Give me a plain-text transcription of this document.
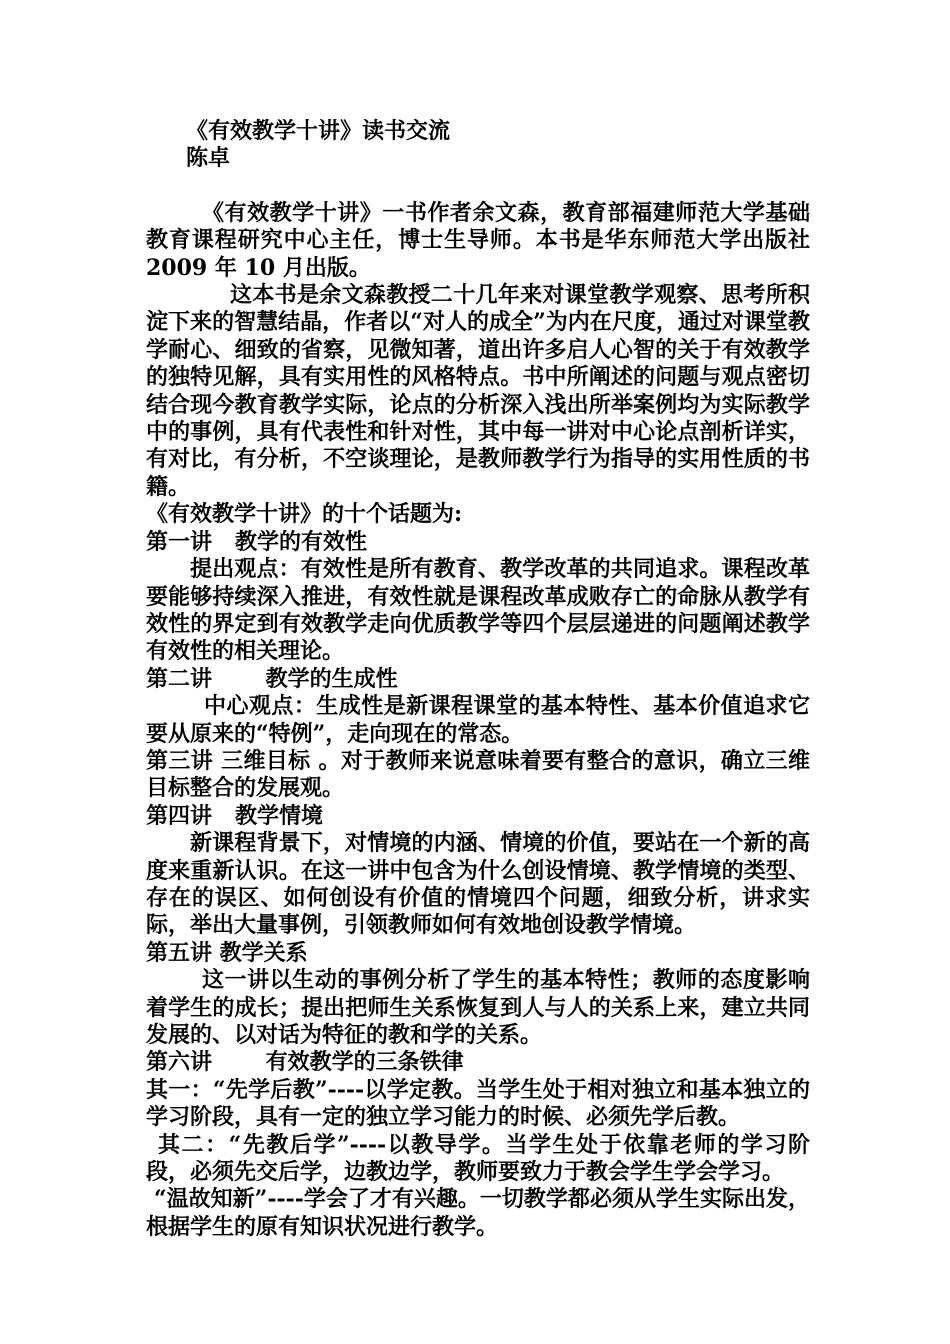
《有效教学十讲》读书交流

陈卓

《有效教学十讲》一书作者余文森，教育部福建师范大学基础教育课程研究中心主任，博士生导师。本书是华东师范大学出版社 2009 年 10 月出版。

这本书是余文森教授二十几年来对课堂教学观察、思考所积淀下来的智慧结晶，作者以“对人的成全”为内在尺度，通过对课堂教学耐心、细致的省察，见微知著，道出许多启人心智的关于有效教学的独特见解，具有实用性的风格特点。书中所阐述的问题与观点密切结合现今教育教学实际，论点的分析深入浅出所举案例均为实际教学中的事例，具有代表性和针对性，其中每一讲对中心论点剖析详实，有对比，有分析，不空谈理论，是教师教学行为指导的实用性质的书籍。

《有效教学十讲》的十个话题为:

第一讲   教学的有效性

提出观点：有效性是所有教育、教学改革的共同追求。课程改革要能够持续深入推进，有效性就是课程改革成败存亡的命脉从教学有效性的界定到有效教学走向优质教学等四个层层递进的问题阐述教学有效性的相关理论。

第二讲       教学的生成性

中心观点：生成性是新课程课堂的基本特性、基本价值追求它要从原来的“特例”，走向现在的常态。

第三讲 三维目标 。对于教师来说意味着要有整合的意识，确立三维目标整合的发展观。

第四讲   教学情境

新课程背景下，对情境的内涵、情境的价值，要站在一个新的高度来重新认识。在这一讲中包含为什么创设情境、教学情境的类型、存在的误区、如何创设有价值的情境四个问题，细致分析，讲求实际，举出大量事例，引领教师如何有效地创设教学情境。

第五讲 教学关系

这一讲以生动的事例分析了学生的基本特性；教师的态度影响着学生的成长；提出把师生关系恢复到人与人的关系上来，建立共同发展的、以对话为特征的教和学的关系。

第六讲       有效教学的三条铁律

其一：“先学后教”----以学定教。当学生处于相对独立和基本独立的学习阶段，具有一定的独立学习能力的时候、必须先学后教。

其二：“先教后学”----以教导学。当学生处于依靠老师的学习阶段，必须先交后学，边教边学，教师要致力于教会学生学会学习。

“温故知新”----学会了才有兴趣。一切教学都必须从学生实际出发，根据学生的原有知识状况进行教学。
